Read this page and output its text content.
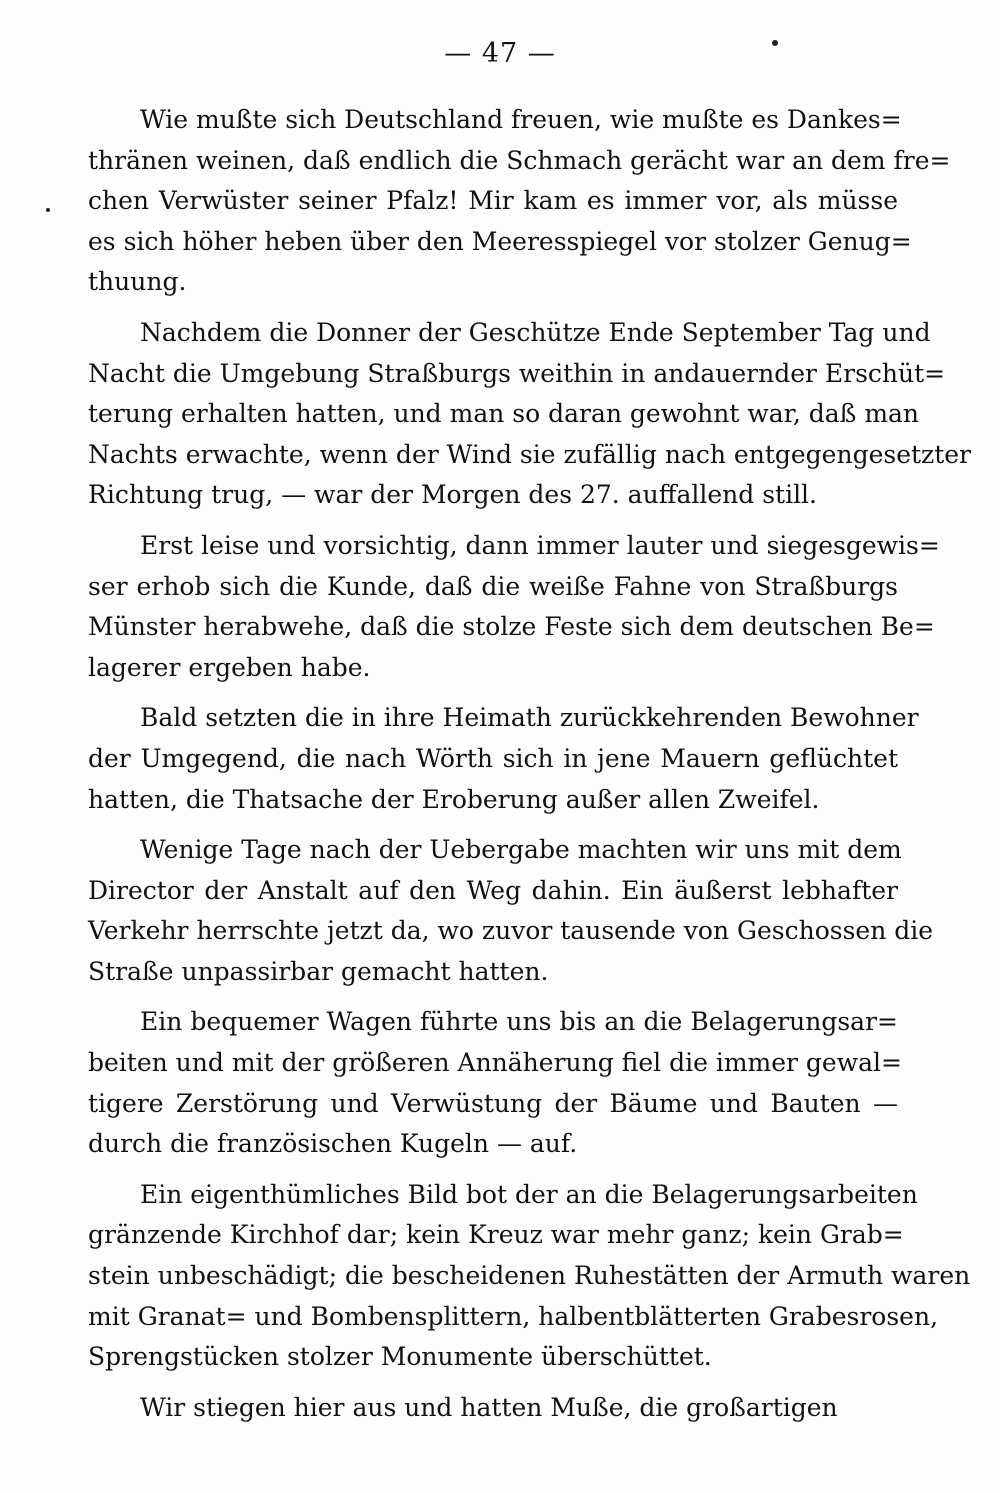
— 47 —
Wie mußte sich Deutschland freuen, wie mußte es Dankes=
thränen weinen, daß endlich die Schmach gerächt war an dem fre=
chen Verwüster seiner Pfalz! Mir kam es immer vor, als müsse
es sich höher heben über den Meeresspiegel vor stolzer Genug=
thuung.
Nachdem die Donner der Geschütze Ende September Tag und
Nacht die Umgebung Straßburgs weithin in andauernder Erschüt=
terung erhalten hatten, und man so daran gewohnt war, daß man
Nachts erwachte, wenn der Wind sie zufällig nach entgegengesetzter
Richtung trug, — war der Morgen des 27. auffallend still.
Erst leise und vorsichtig, dann immer lauter und siegesgewis=
ser erhob sich die Kunde, daß die weiße Fahne von Straßburgs
Münster herabwehe, daß die stolze Feste sich dem deutschen Be=
lagerer ergeben habe.
Bald setzten die in ihre Heimath zurückkehrenden Bewohner
der Umgegend, die nach Wörth sich in jene Mauern geflüchtet
hatten, die Thatsache der Eroberung außer allen Zweifel.
Wenige Tage nach der Uebergabe machten wir uns mit dem
Director der Anstalt auf den Weg dahin. Ein äußerst lebhafter
Verkehr herrschte jetzt da, wo zuvor tausende von Geschossen die
Straße unpassirbar gemacht hatten.
Ein bequemer Wagen führte uns bis an die Belagerungsar=
beiten und mit der größeren Annäherung fiel die immer gewal=
tigere Zerstörung und Verwüstung der Bäume und Bauten —
durch die französischen Kugeln — auf.
Ein eigenthümliches Bild bot der an die Belagerungsarbeiten
gränzende Kirchhof dar; kein Kreuz war mehr ganz; kein Grab=
stein unbeschädigt; die bescheidenen Ruhestätten der Armuth waren
mit Granat= und Bombensplittern, halbentblätterten Grabesrosen,
Sprengstücken stolzer Monumente überschüttet.
Wir stiegen hier aus und hatten Muße, die großartigen
